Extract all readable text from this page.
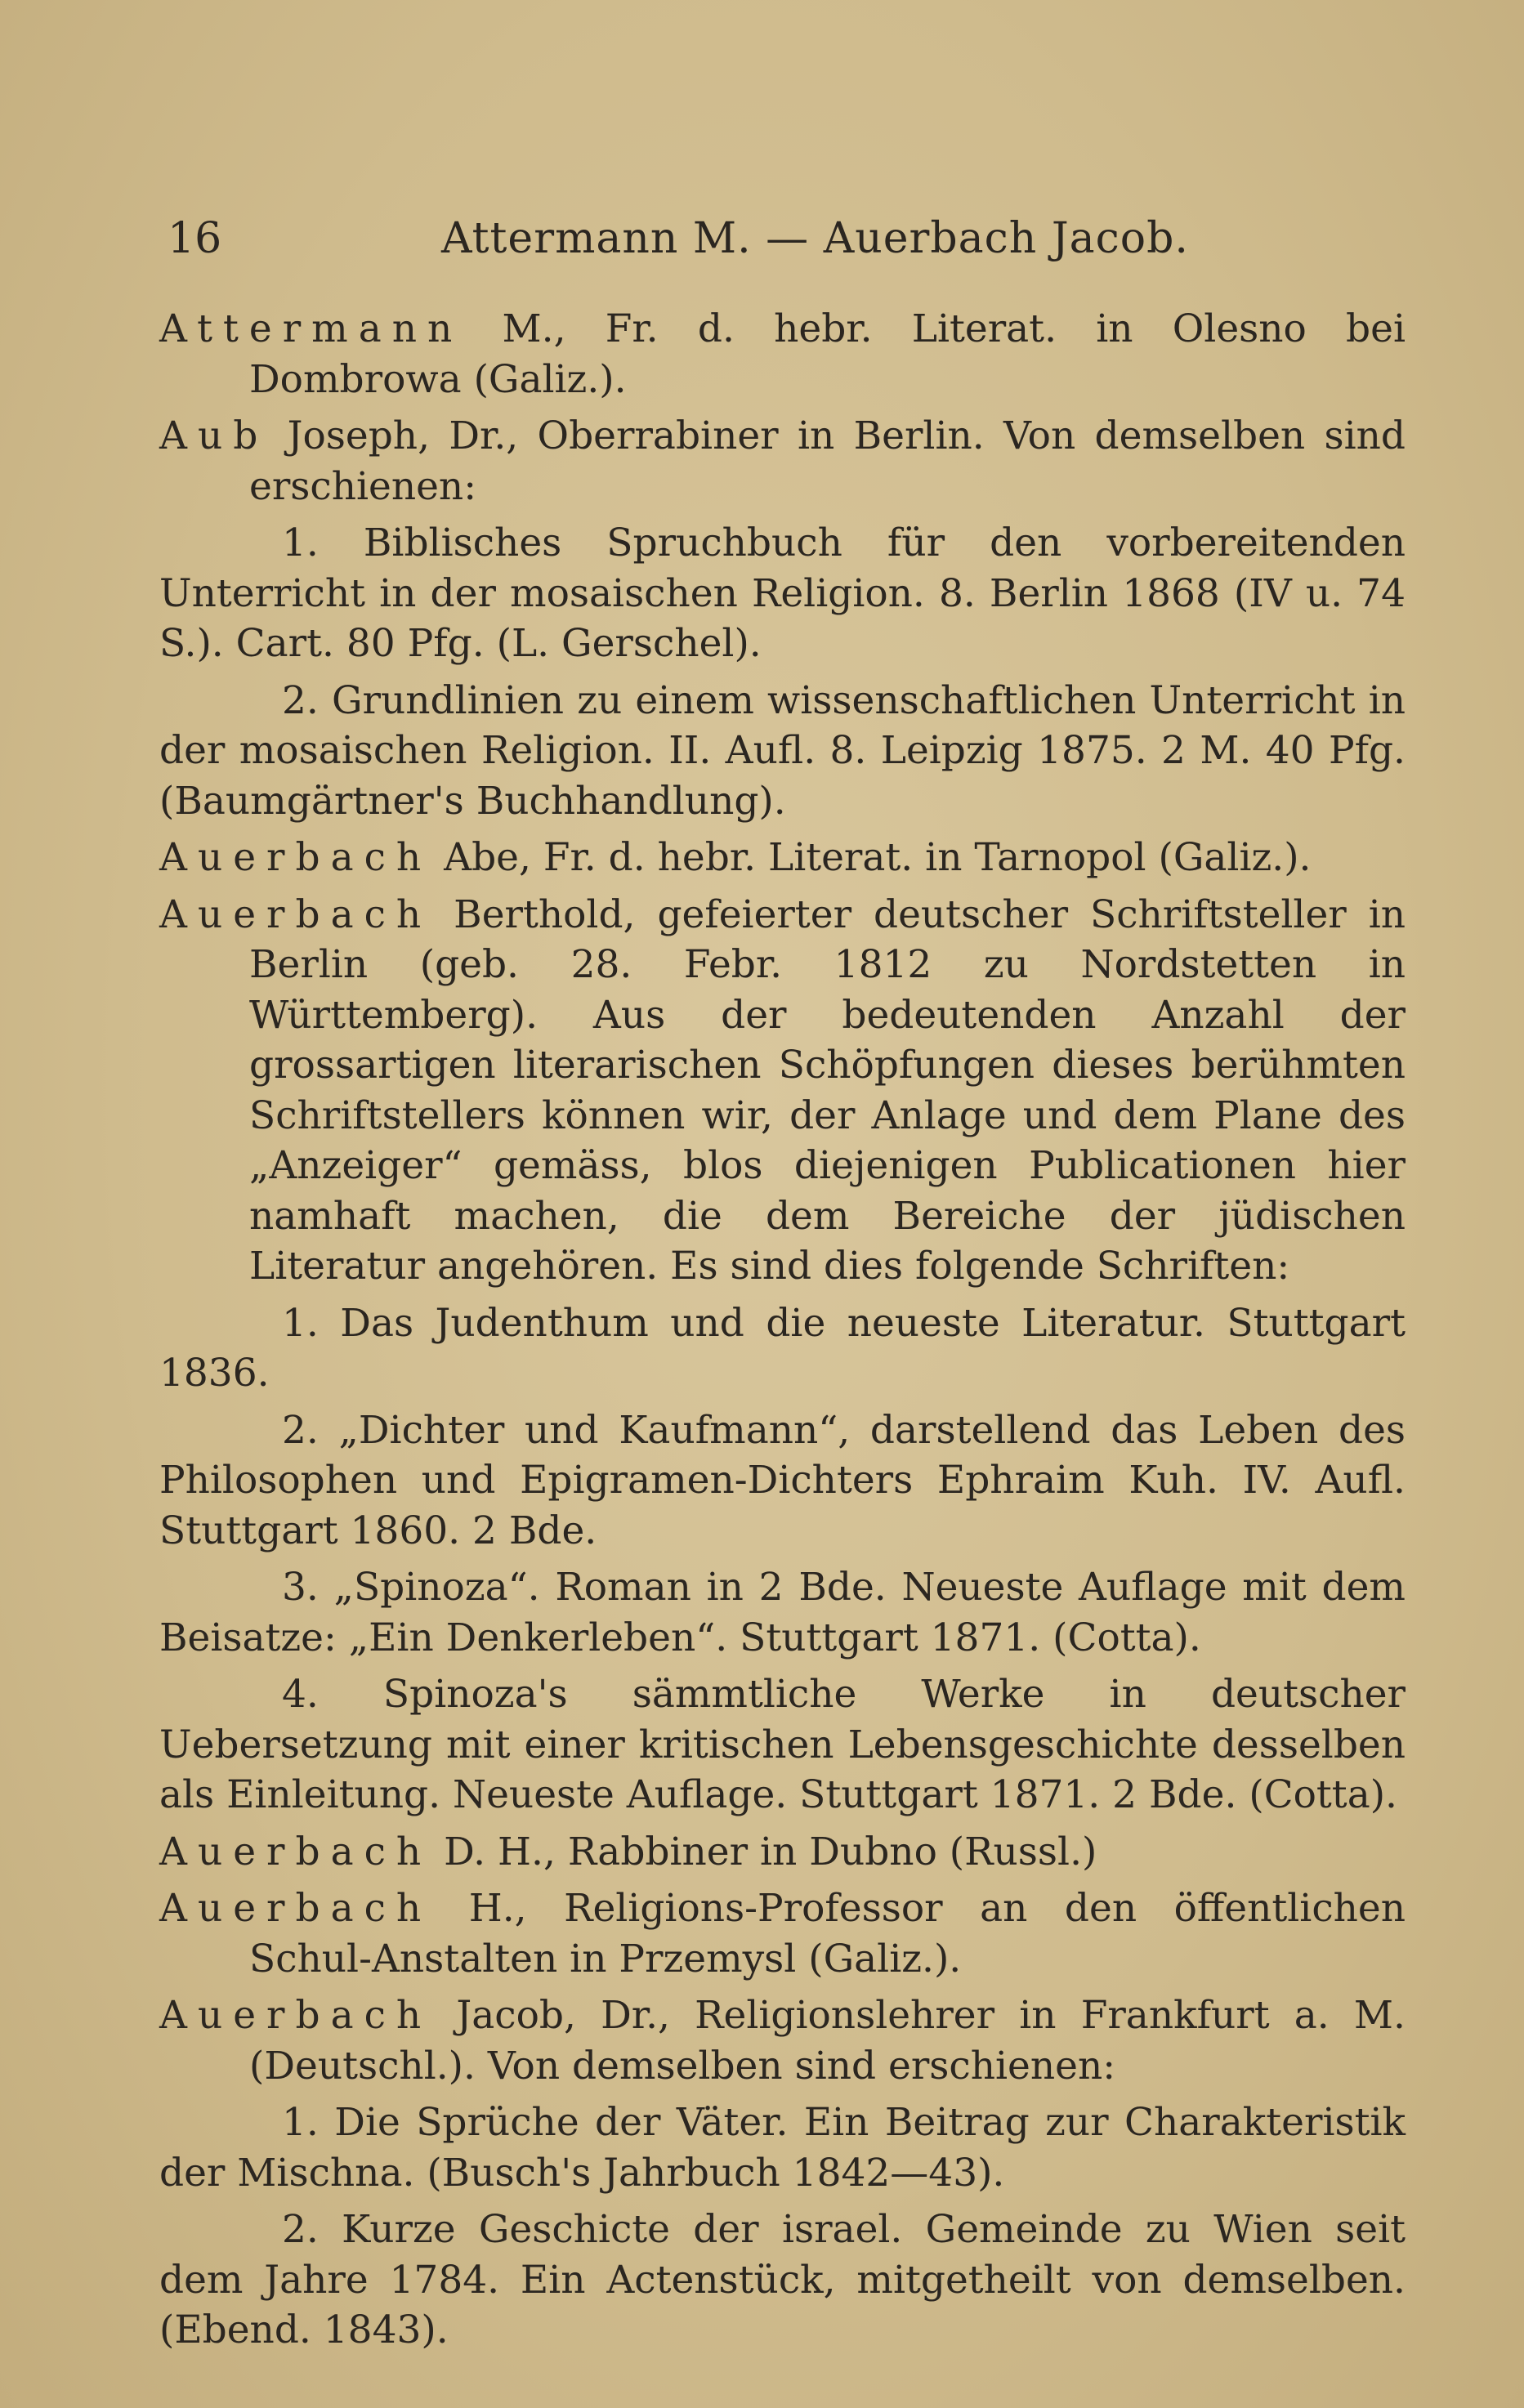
16	Attermann M. — Auerbach Jacob.

Attermann M., Fr. d. hebr. Literat. in Olesno bei Dombrowa (Galiz.).

Aub Joseph, Dr., Oberrabiner in Berlin. Von demselben sind erschienen:

1. Biblisches Spruchbuch für den vorbereitenden Unterricht in der mosaischen Religion. 8. Berlin 1868 (IV u. 74 S.). Cart. 80 Pfg. (L. Gerschel).

2. Grundlinien zu einem wissenschaftlichen Unterricht in der mosaischen Religion. II. Aufl. 8. Leipzig 1875. 2 M. 40 Pfg. (Baumgärtner's Buchhandlung).

Auerbach Abe, Fr. d. hebr. Literat. in Tarnopol (Galiz.).

Auerbach Berthold, gefeierter deutscher Schriftsteller in Berlin (geb. 28. Febr. 1812 zu Nordstetten in Württemberg). Aus der bedeutenden Anzahl der grossartigen literarischen Schöpfungen dieses berühmten Schriftstellers können wir, der Anlage und dem Plane des „Anzeiger“ gemäss, blos diejenigen Publicationen hier namhaft machen, die dem Bereiche der jüdischen Literatur angehören. Es sind dies folgende Schriften:

1. Das Judenthum und die neueste Literatur. Stuttgart 1836.

2. „Dichter und Kaufmann“, darstellend das Leben des Philosophen und Epigramen-Dichters Ephraim Kuh. IV. Aufl. Stuttgart 1860. 2 Bde.

3. „Spinoza“. Roman in 2 Bde. Neueste Auflage mit dem Beisatze: „Ein Denkerleben“. Stuttgart 1871. (Cotta).

4. Spinoza's sämmtliche Werke in deutscher Uebersetzung mit einer kritischen Lebensgeschichte desselben als Einleitung. Neueste Auflage. Stuttgart 1871. 2 Bde. (Cotta).

Auerbach D. H., Rabbiner in Dubno (Russl.)

Auerbach H., Religions-Professor an den öffentlichen Schul-Anstalten in Przemysl (Galiz.).

Auerbach Jacob, Dr., Religionslehrer in Frankfurt a. M. (Deutschl.). Von demselben sind erschienen:

1. Die Sprüche der Väter. Ein Beitrag zur Charakteristik der Mischna. (Busch's Jahrbuch 1842—43).

2. Kurze Geschicte der israel. Gemeinde zu Wien seit dem Jahre 1784. Ein Actenstück, mitgetheilt von demselben. (Ebend. 1843).
